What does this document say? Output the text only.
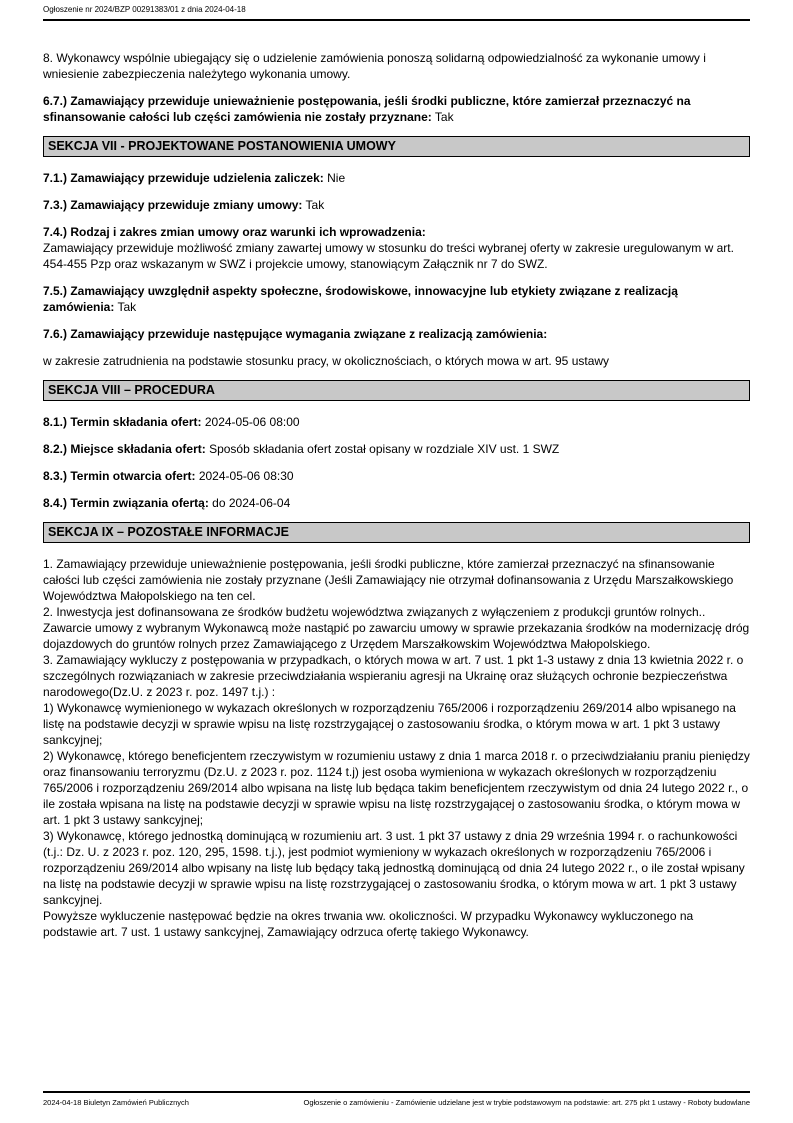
Ogłoszenie nr 2024/BZP 00291383/01 z dnia 2024-04-18

8. Wykonawcy wspólnie ubiegający się o udzielenie zamówienia ponoszą solidarną odpowiedzialność za wykonanie umowy i wniesienie zabezpieczenia należytego wykonania umowy.

6.7.) Zamawiający przewiduje unieważnienie postępowania, jeśli środki publiczne, które zamierzał przeznaczyć na sfinansowanie całości lub części zamówienia nie zostały przyznane: Tak

SEKCJA VII - PROJEKTOWANE POSTANOWIENIA UMOWY

7.1.) Zamawiający przewiduje udzielenia zaliczek: Nie

7.3.) Zamawiający przewiduje zmiany umowy: Tak

7.4.) Rodzaj i zakres zmian umowy oraz warunki ich wprowadzenia:
Zamawiający przewiduje możliwość zmiany zawartej umowy w stosunku do treści wybranej oferty w zakresie uregulowanym w art. 454-455 Pzp oraz wskazanym w SWZ i projekcie umowy, stanowiącym Załącznik nr 7 do SWZ.

7.5.) Zamawiający uwzględnił aspekty społeczne, środowiskowe, innowacyjne lub etykiety związane z realizacją zamówienia: Tak

7.6.) Zamawiający przewiduje następujące wymagania związane z realizacją zamówienia:

w zakresie zatrudnienia na podstawie stosunku pracy, w okolicznościach, o których mowa w art. 95 ustawy

SEKCJA VIII – PROCEDURA

8.1.) Termin składania ofert: 2024-05-06 08:00

8.2.) Miejsce składania ofert: Sposób składania ofert został opisany w rozdziale XIV ust. 1 SWZ

8.3.) Termin otwarcia ofert: 2024-05-06 08:30

8.4.) Termin związania ofertą: do 2024-06-04

SEKCJA IX – POZOSTAŁE INFORMACJE
1. Zamawiający przewiduje unieważnienie postępowania, jeśli środki publiczne, które zamierzał przeznaczyć na sfinansowanie całości lub części zamówienia nie zostały przyznane (Jeśli Zamawiający nie otrzymał dofinansowania z Urzędu Marszałkowskiego Województwa Małopolskiego na ten cel.
2. Inwestycja jest dofinansowana ze środków budżetu województwa związanych z wyłączeniem z produkcji gruntów rolnych.. Zawarcie umowy z wybranym Wykonawcą może nastąpić po zawarciu umowy w sprawie przekazania środków na modernizację dróg dojazdowych do gruntów rolnych przez Zamawiającego z Urzędem Marszałkowskim Województwa Małopolskiego.
3. Zamawiający wykluczy z postępowania w przypadkach, o których mowa w art. 7 ust. 1 pkt 1-3 ustawy z dnia 13 kwietnia 2022 r. o szczególnych rozwiązaniach w zakresie przeciwdziałania wspieraniu agresji na Ukrainę oraz służących ochronie bezpieczeństwa narodowego(Dz.U. z 2023 r. poz. 1497 t.j.) :
1) Wykonawcę wymienionego w wykazach określonych w rozporządzeniu 765/2006 i rozporządzeniu 269/2014 albo wpisanego na listę na podstawie decyzji w sprawie wpisu na listę rozstrzygającej o zastosowaniu środka, o którym mowa w art. 1 pkt 3 ustawy sankcyjnej;
2) Wykonawcę, którego beneficjentem rzeczywistym w rozumieniu ustawy z dnia 1 marca 2018 r. o przeciwdziałaniu praniu pieniędzy oraz finansowaniu terroryzmu (Dz.U. z 2023 r. poz. 1124 t.j) jest osoba wymieniona w wykazach określonych w rozporządzeniu 765/2006 i rozporządzeniu 269/2014 albo wpisana na listę lub będąca takim beneficjentem rzeczywistym od dnia 24 lutego 2022 r., o ile została wpisana na listę na podstawie decyzji w sprawie wpisu na listę rozstrzygającej o zastosowaniu środka, o którym mowa w art. 1 pkt 3 ustawy sankcyjnej;
3) Wykonawcę, którego jednostką dominującą w rozumieniu art. 3 ust. 1 pkt 37 ustawy z dnia 29 września 1994 r. o rachunkowości (t.j.: Dz. U. z 2023 r. poz. 120, 295, 1598. t.j.), jest podmiot wymieniony w wykazach określonych w rozporządzeniu 765/2006 i rozporządzeniu 269/2014 albo wpisany na listę lub będący taką jednostką dominującą od dnia 24 lutego 2022 r., o ile został wpisany na listę na podstawie decyzji w sprawie wpisu na listę rozstrzygającej o zastosowaniu środka, o którym mowa w art. 1 pkt 3 ustawy sankcyjnej.
Powyższe wykluczenie następować będzie na okres trwania ww. okoliczności. W przypadku Wykonawcy wykluczonego na podstawie art. 7 ust. 1 ustawy sankcyjnej, Zamawiający odrzuca ofertę takiego Wykonawcy.
2024-04-18 Biuletyn Zamówień Publicznych	Ogłoszenie o zamówieniu - Zamówienie udzielane jest w trybie podstawowym na podstawie: art. 275 pkt 1 ustawy - Roboty budowlane
